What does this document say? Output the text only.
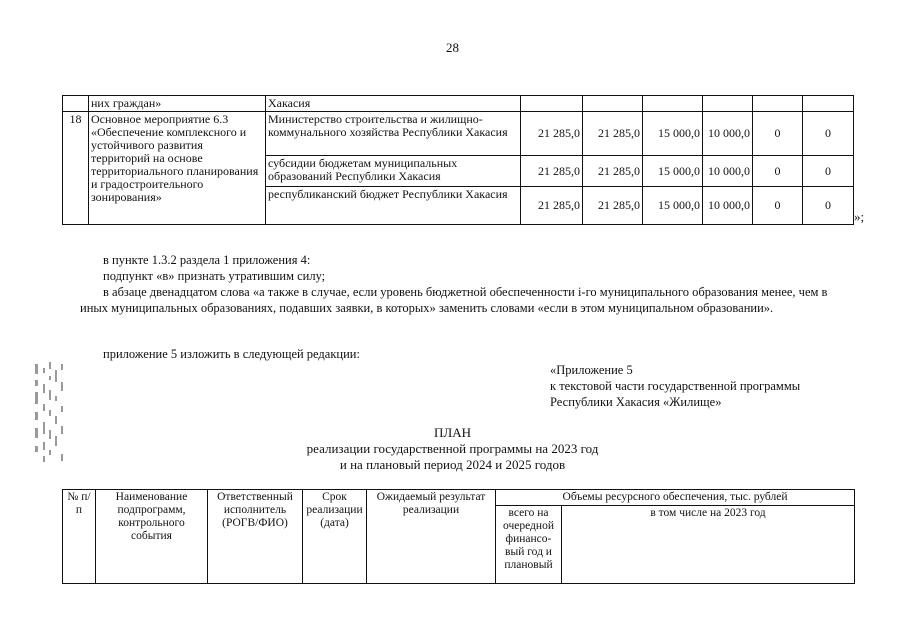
28
	них граждан»	Хакасия						
18	Основное мероприятие 6.3 «Обеспечение комплексного и устойчивого развития территорий на основе территориального планирования и градостроительного зонирования»	Министерство строительства и жилищно-коммунального хозяйства Республики Хакасия	21 285,0	21 285,0	15 000,0	10 000,0	0	0
		субсидии бюджетам муниципальных образований Республики Хакасия	21 285,0	21 285,0	15 000,0	10 000,0	0	0
		республиканский бюджет Республики Хакасия	21 285,0	21 285,0	15 000,0	10 000,0	0	0
»;
в пункте 1.3.2 раздела 1 приложения 4:
подпункт «в» признать утратившим силу;
в абзаце двенадцатом слова «а также в случае, если уровень бюджетной обеспеченности i-го муниципального образования менее, чем в иных муниципальных образованиях, подавших заявки, в которых» заменить словами «если в этом муниципальном образовании».
приложение 5 изложить в следующей редакции:
«Приложение 5
к текстовой части государственной программы
Республики Хакасия «Жилище»
ПЛАН
реализации государственной программы на 2023 год
и на плановый период 2024 и 2025 годов
№ п/п	Наименование подпрограмм, контрольного события	Ответственный исполнитель (РОГВ/ФИО)	Срок реализации (дата)	Ожидаемый результат реализации	Объемы ресурсного обеспечения, тыс. рублей	
					всего на очередной финансо-вый год и плановый	в том числе на 2023 год
